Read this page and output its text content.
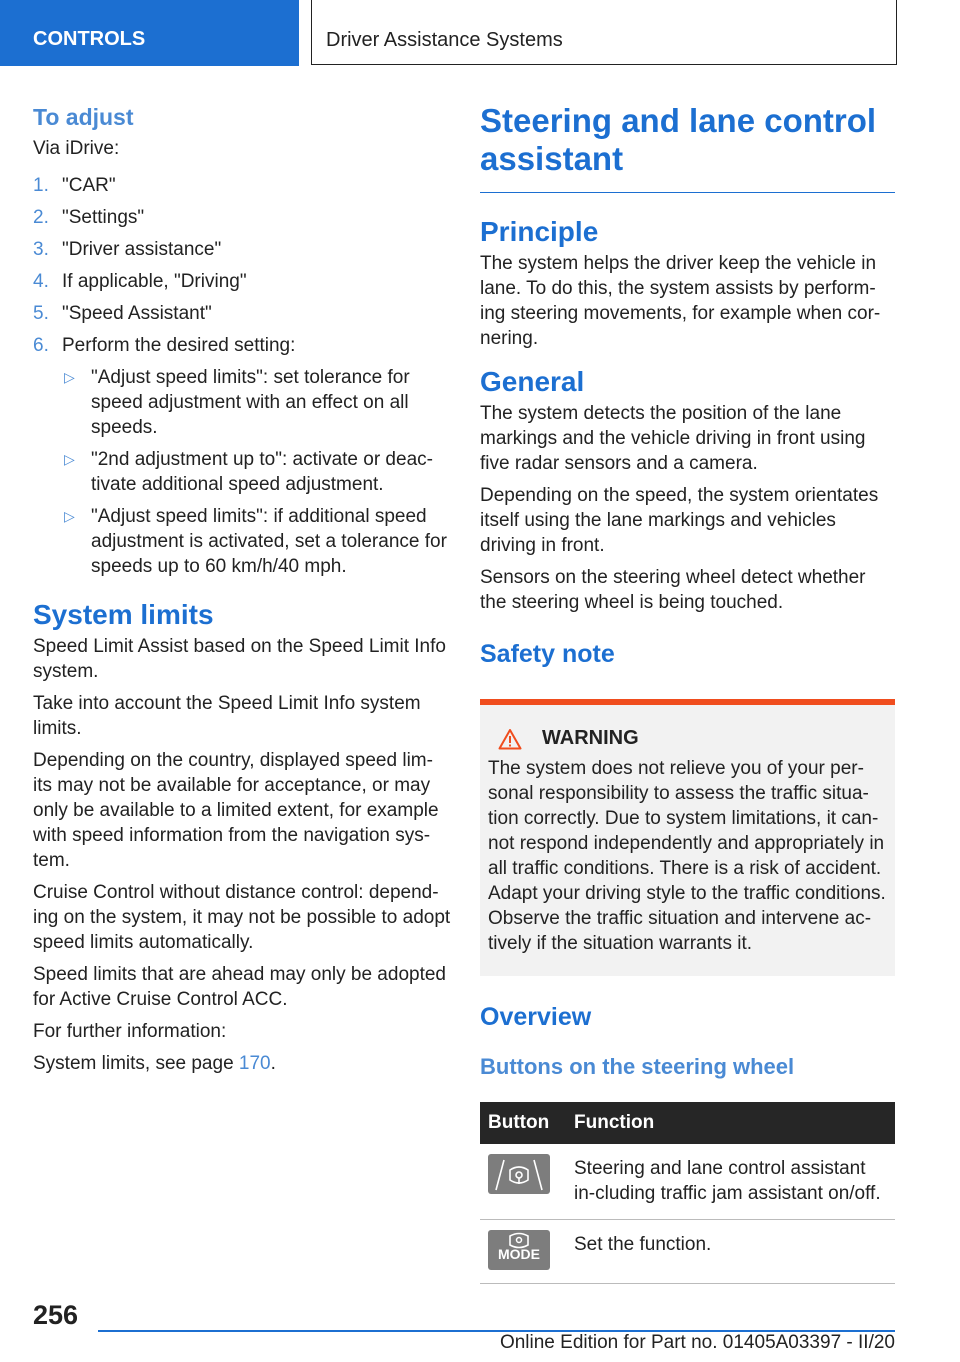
CONTROLS	Driver Assistance Systems
To adjust

Via iDrive:

1. "CAR"
2. "Settings"
3. "Driver assistance"
4. If applicable, "Driving"
5. "Speed Assistant"
6. Perform the desired setting:
▷ "Adjust speed limits": set tolerance for speed adjustment with an effect on all speeds.
▷ "2nd adjustment up to": activate or deac-tivate additional speed adjustment.
▷ "Adjust speed limits": if additional speed adjustment is activated, set a tolerance for speeds up to 60 km/h/40 mph.
System limits

Speed Limit Assist based on the Speed Limit Info system.

Take into account the Speed Limit Info system limits.

Depending on the country, displayed speed lim-its may not be available for acceptance, or may only be available to a limited extent, for example with speed information from the navigation sys-tem.

Cruise Control without distance control: depend-ing on the system, it may not be possible to adopt speed limits automatically.

Speed limits that are ahead may only be adopted for Active Cruise Control ACC.

For further information:

System limits, see page 170.

Steering and lane control assistant
Principle

The system helps the driver keep the vehicle in lane. To do this, the system assists by perform-ing steering movements, for example when cor-nering.

General

The system detects the position of the lane markings and the vehicle driving in front using five radar sensors and a camera.

Depending on the speed, the system orientates itself using the lane markings and vehicles driving in front.

Sensors on the steering wheel detect whether the steering wheel is being touched.

Safety note
WARNING

The system does not relieve you of your per-sonal responsibility to assess the traffic situa-tion correctly. Due to system limitations, it can-not respond independently and appropriately in all traffic conditions. There is a risk of accident. Adapt your driving style to the traffic conditions. Observe the traffic situation and intervene ac-tively if the situation warrants it.

Overview
Buttons on the steering wheel
Button	Function

	Steering and lane control assistant in-cluding traffic jam assistant on/off.

MODE	Set the function.
256
Online Edition for Part no. 01405A03397 - II/20
